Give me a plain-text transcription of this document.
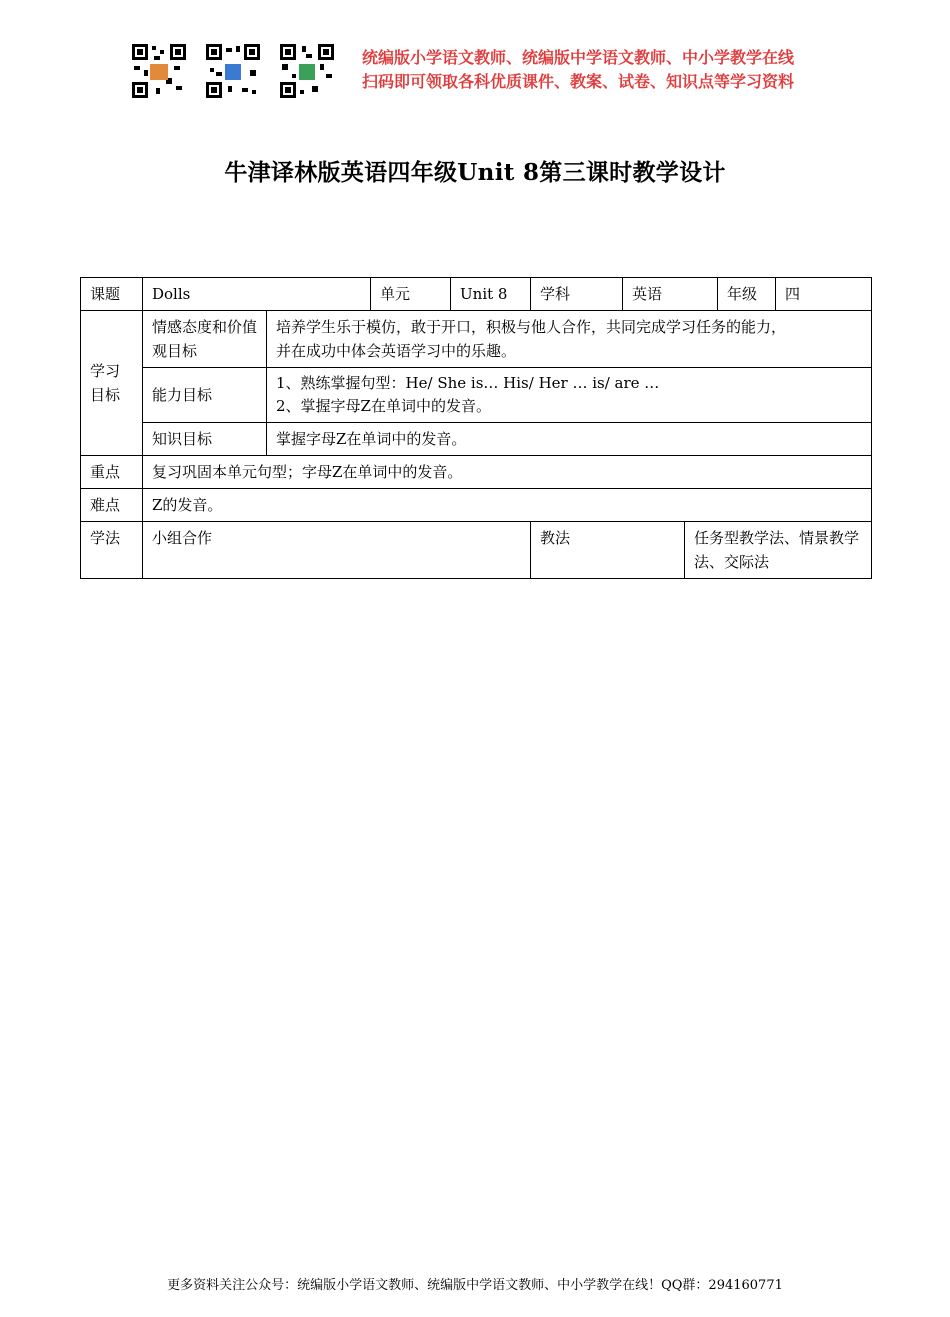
统编版小学语文教师、统编版中学语文教师、中小学教学在线
扫码即可领取各科优质课件、教案、试卷、知识点等学习资料
牛津译林版英语四年级Unit 8第三课时教学设计
课题	Dolls		单元	Unit 8	学科	英语		年级	四

学习目标	情感态度和价值观目标	培养学生乐于模仿，敢于开口，积极与他人合作，共同完成学习任务的能力，
并在成功中体会英语学习中的乐趣。							

	能力目标	1、熟练掌握句型：He/ She is… His/ Her … is/ are …
2、掌握字母Z在单词中的发音。							

	知识目标	掌握字母Z在单词中的发音。							

重点	复习巩固本单元句型；字母Z在单词中的发音。								
难点	Z的发音。								
学法	小组合作				教法		任务型教学法、情景教学法、交际法		
更多资料关注公众号：统编版小学语文教师、统编版中学语文教师、中小学教学在线！QQ群：294160771
